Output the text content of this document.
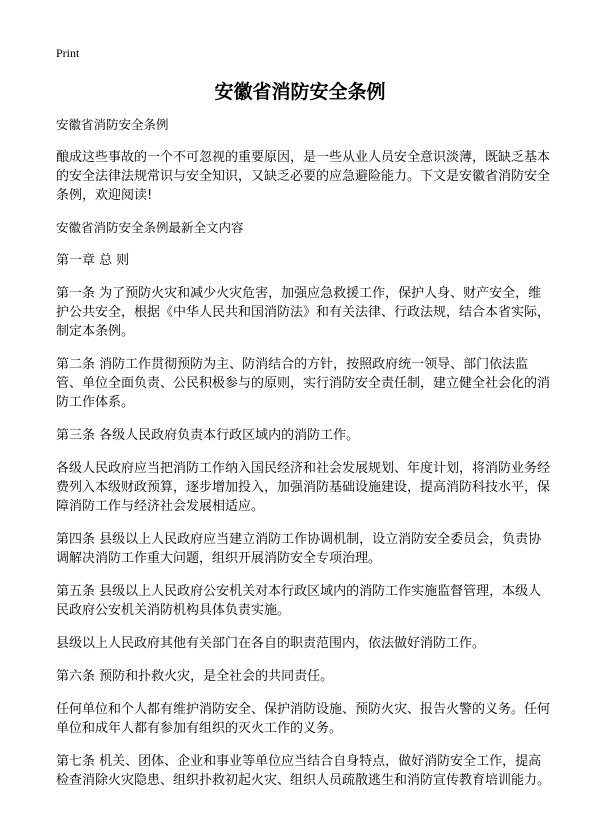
Print
安徽省消防安全条例

安徽省消防安全条例

酿成这些事故的一个不可忽视的重要原因，是一些从业人员安全意识淡薄，既缺乏基本的安全法律法规常识与安全知识，又缺乏必要的应急避险能力。下文是安徽省消防安全条例，欢迎阅读!

安徽省消防安全条例最新全文内容

第一章 总 则

第一条 为了预防火灾和减少火灾危害，加强应急救援工作，保护人身、财产安全，维护公共安全，根据《中华人民共和国消防法》和有关法律、行政法规，结合本省实际，制定本条例。

第二条 消防工作贯彻预防为主、防消结合的方针，按照政府统一领导、部门依法监管、单位全面负责、公民积极参与的原则，实行消防安全责任制，建立健全社会化的消防工作体系。

第三条 各级人民政府负责本行政区域内的消防工作。

各级人民政府应当把消防工作纳入国民经济和社会发展规划、年度计划，将消防业务经费列入本级财政预算，逐步增加投入，加强消防基础设施建设，提高消防科技水平，保障消防工作与经济社会发展相适应。

第四条 县级以上人民政府应当建立消防工作协调机制，设立消防安全委员会，负责协调解决消防工作重大问题，组织开展消防安全专项治理。

第五条 县级以上人民政府公安机关对本行政区域内的消防工作实施监督管理，本级人民政府公安机关消防机构具体负责实施。

县级以上人民政府其他有关部门在各自的职责范围内，依法做好消防工作。

第六条 预防和扑救火灾，是全社会的共同责任。

任何单位和个人都有维护消防安全、保护消防设施、预防火灾、报告火警的义务。任何单位和成年人都有参加有组织的灭火工作的义务。

第七条 机关、团体、企业和事业等单位应当结合自身特点，做好消防安全工作，提高检查消除火灾隐患、组织扑救初起火灾、组织人员疏散逃生和消防宣传教育培训能力。
